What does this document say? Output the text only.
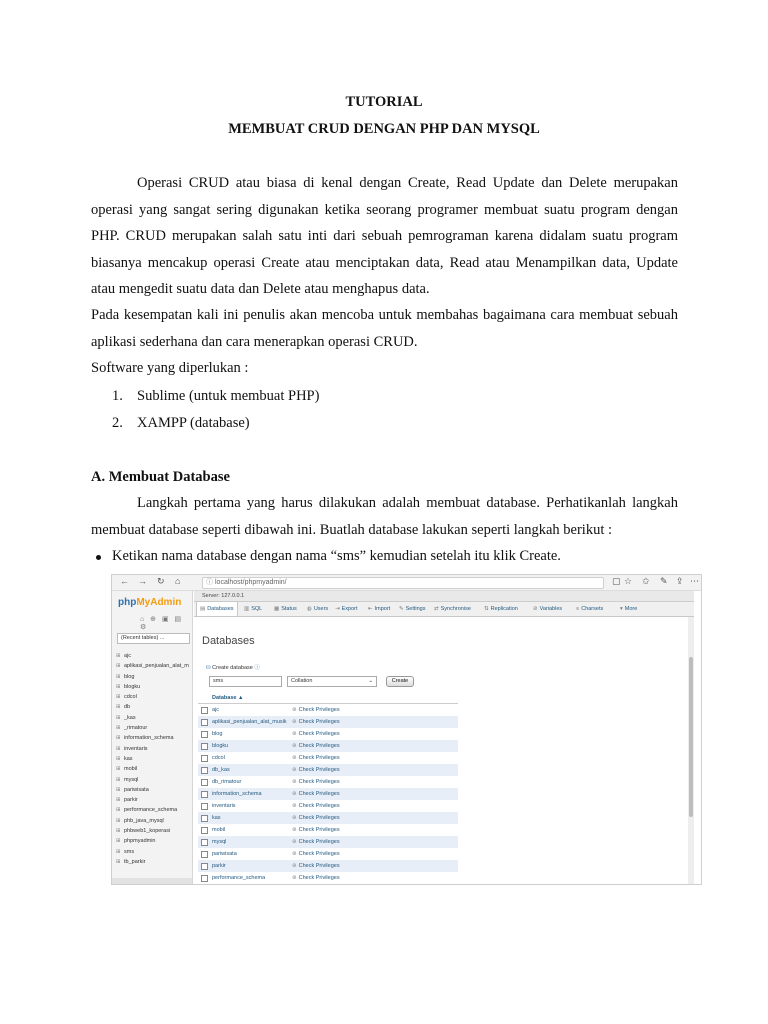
TUTORIAL
MEMBUAT CRUD DENGAN PHP DAN MYSQL

Operasi CRUD atau biasa di kenal dengan Create, Read Update dan Delete merupakan operasi yang sangat sering digunakan ketika seorang programer membuat suatu program dengan PHP. CRUD merupakan salah satu inti dari sebuah pemrograman karena didalam suatu program biasanya mencakup operasi Create atau menciptakan data, Read atau Menampilkan data, Update atau mengedit suatu data dan Delete atau menghapus data.

Pada kesempatan kali ini penulis akan mencoba untuk membahas bagaimana cara membuat sebuah aplikasi sederhana dan cara menerapkan operasi CRUD.

Software yang diperlukan :
1. Sublime (untuk membuat PHP)
2. XAMPP (database)
A. Membuat Database

Langkah pertama yang harus dilakukan adalah membuat database. Perhatikanlah langkah membuat database seperti dibawah ini. Buatlah database lakukan seperti langkah berikut :

Ketikan nama database dengan nama “sms” kemudian setelah itu klik Create.
← → ↻ ⌂	ⓘ localhost/phpmyadmin/	▢ ☆ ✩ ✎ ⇪ ⋯
phpMyAdmin
⌂ ⊕ ▣ ▤ ⚙
(Recent tables) ...
⊞ ajc
⊞ aplikasi_penjualan_alat_m
⊞ blog
⊞ blogku
⊞ cdcol
⊞ db
⊞ _kas
⊞ _rimatour
⊞ information_schema
⊞ inventaris
⊞ kas
⊞ mobil
⊞ mysql
⊞ pariwisata
⊞ parkir
⊞ performance_schema
⊞ phb_java_mysql
⊞ phbweb1_koperasi
⊞ phpmyadmin
⊞ sms
⊞ tb_parkir
Server: 127.0.0.1
▤ Databases	▥ SQL ▦ Status ◍ Users ⇥ Export ⇤ Import ✎ Settings ⇄ Synchronise ⇅ Replication	⊘ Variables	≡ Charsets	▾ More
Databases
⛁ Create database ⓘ
sms	Collation	⌄	Create
Database ▲
ajc	⊛ Check Privileges
aplikasi_penjualan_alat_musik ⊛ Check Privileges
blog	⊛ Check Privileges
blogku	⊛ Check Privileges
cdcol	⊛ Check Privileges
db_kas	⊛ Check Privileges
db_rimatour	⊛ Check Privileges
information_schema	⊛ Check Privileges
inventaris	⊛ Check Privileges
kas	⊛ Check Privileges
mobil	⊛ Check Privileges
mysql	⊛ Check Privileges
pariwisata	⊛ Check Privileges
parkir	⊛ Check Privileges
performance_schema	⊛ Check Privileges
